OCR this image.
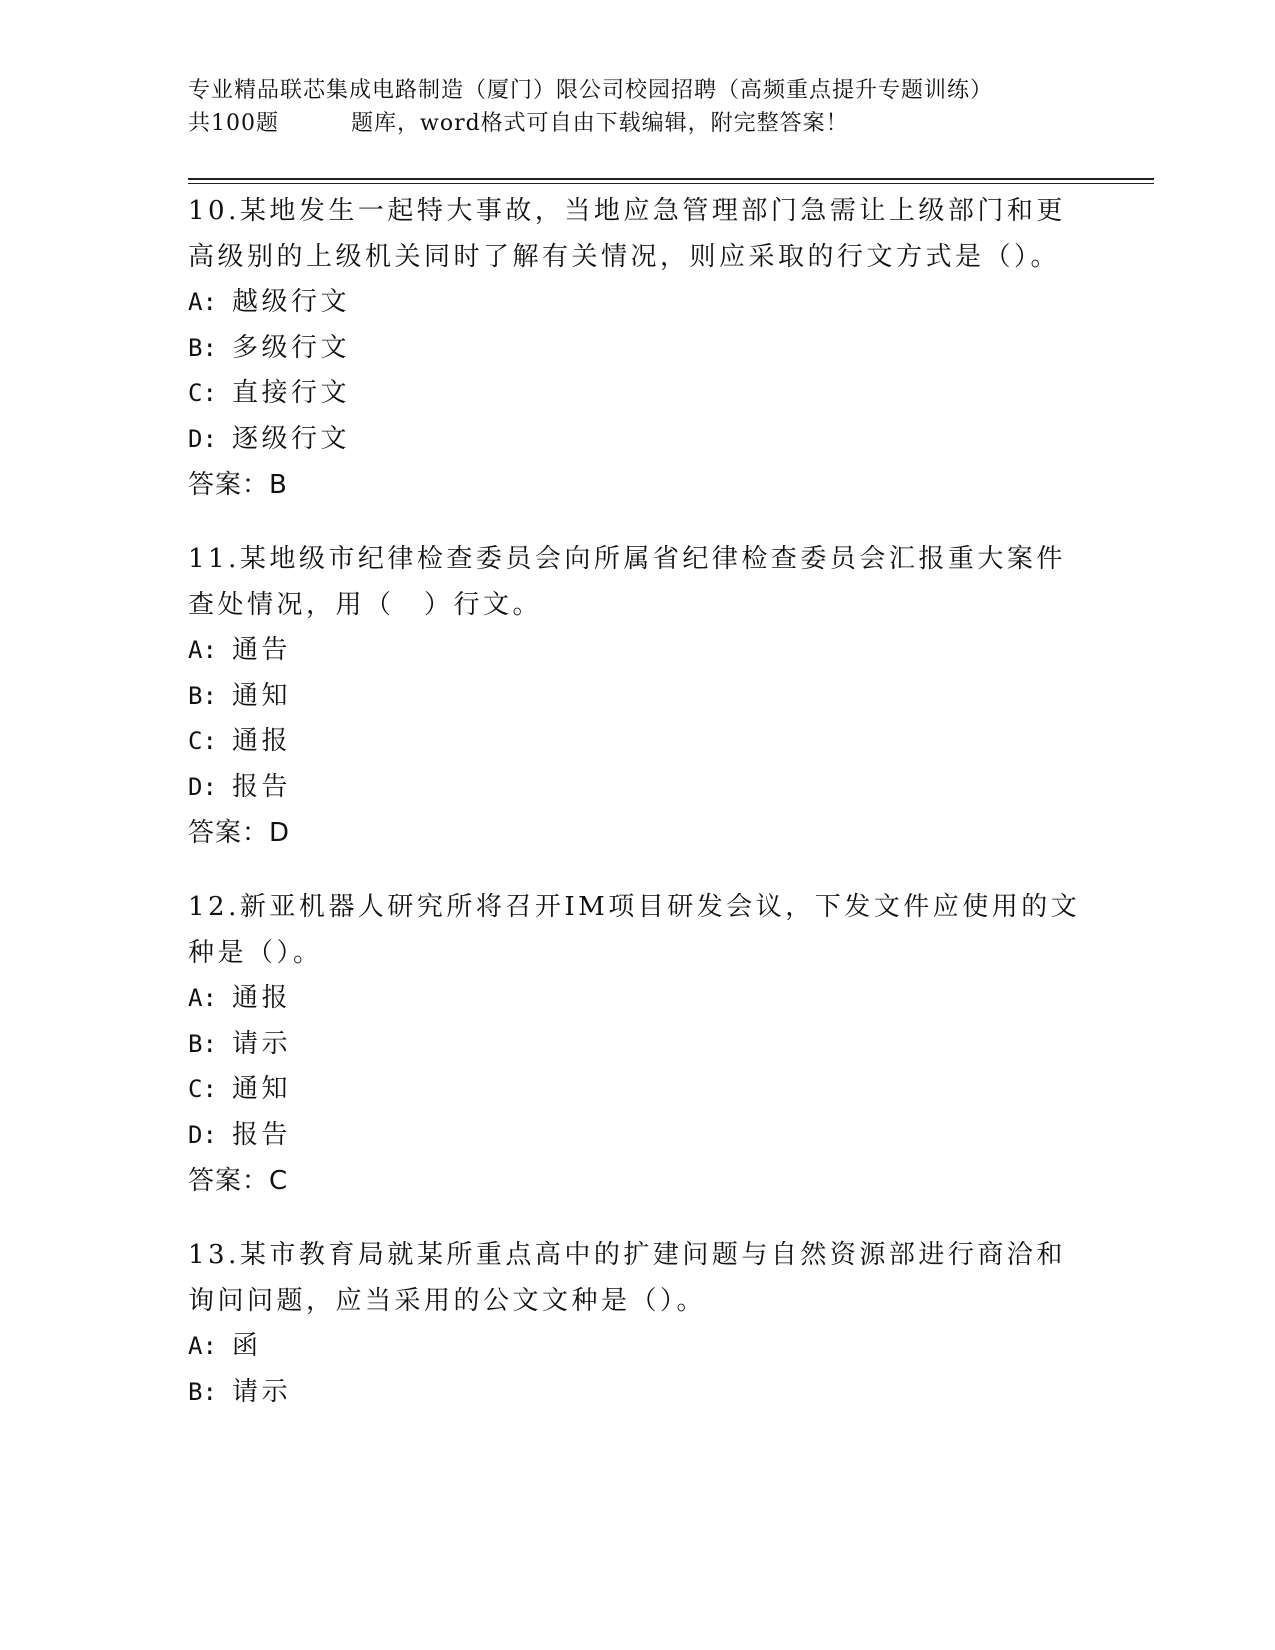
专业精品联芯集成电路制造（厦门）限公司校园招聘（高频重点提升专题训练）
共100题	题库，word格式可自由下载编辑，附完整答案！

10.某地发生一起特大事故，当地应急管理部门急需让上级部门和更高级别的上级机关同时了解有关情况，则应采取的行文方式是（）。

A: 越级行文
B: 多级行文
C: 直接行文
D: 逐级行文
答案：B

11.某地级市纪律检查委员会向所属省纪律检查委员会汇报重大案件查处情况，用（　）行文。

A: 通告
B: 通知
C: 通报
D: 报告
答案：D

12.新亚机器人研究所将召开IM项目研发会议，下发文件应使用的文种是（）。

A: 通报
B: 请示
C: 通知
D: 报告
答案：C

13.某市教育局就某所重点高中的扩建问题与自然资源部进行商洽和询问问题，应当采用的公文文种是（）。

A: 函
B: 请示
